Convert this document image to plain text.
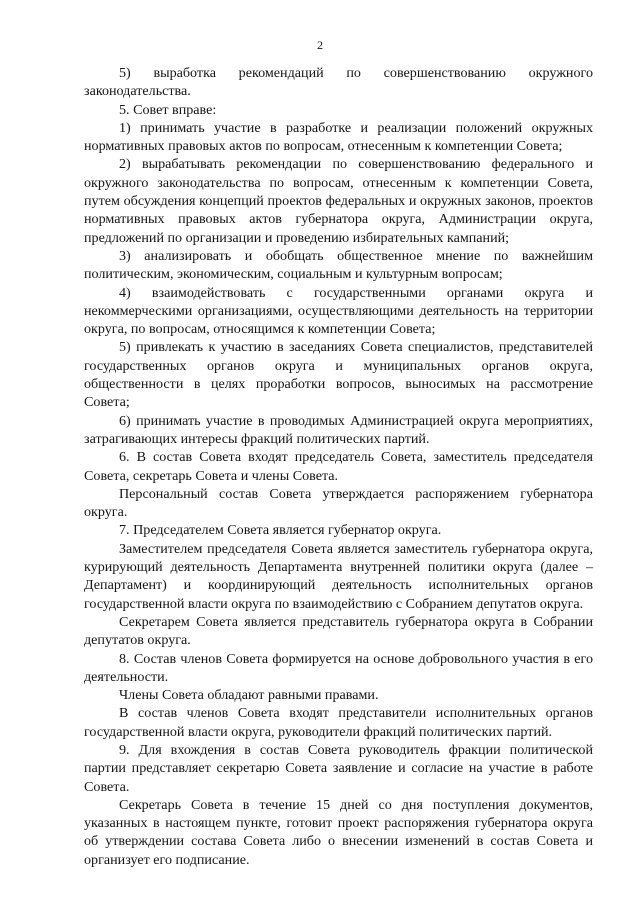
2

5) выработка рекомендаций по совершенствованию окружного законодательства.

5. Совет вправе:

1) принимать участие в разработке и реализации положений окружных нормативных правовых актов по вопросам, отнесенным к компетенции Совета;

2) вырабатывать рекомендации по совершенствованию федерального и окружного законодательства по вопросам, отнесенным к компетенции Совета, путем обсуждения концепций проектов федеральных и окружных законов, проектов нормативных правовых актов губернатора округа, Администрации округа, предложений по организации и проведению избирательных кампаний;

3) анализировать и обобщать общественное мнение по важнейшим политическим, экономическим, социальным и культурным вопросам;

4) взаимодействовать с государственными органами округа и некоммерческими организациями, осуществляющими деятельность на территории округа, по вопросам, относящимся к компетенции Совета;

5) привлекать к участию в заседаниях Совета специалистов, представителей государственных органов округа и муниципальных органов округа, общественности в целях проработки вопросов, выносимых на рассмотрение Совета;

6) принимать участие в проводимых Администрацией округа мероприятиях, затрагивающих интересы фракций политических партий.

6. В состав Совета входят председатель Совета, заместитель председателя Совета, секретарь Совета и члены Совета.

Персональный состав Совета утверждается распоряжением губернатора округа.

7. Председателем Совета является губернатор округа.

Заместителем председателя Совета является заместитель губернатора округа, курирующий деятельность Департамента внутренней политики округа (далее – Департамент) и координирующий деятельность исполнительных органов государственной власти округа по взаимодействию с Собранием депутатов округа.

Секретарем Совета является представитель губернатора округа в Собрании депутатов округа.

8. Состав членов Совета формируется на основе добровольного участия в его деятельности.

Члены Совета обладают равными правами.

В состав членов Совета входят представители исполнительных органов государственной власти округа, руководители фракций политических партий.

9. Для вхождения в состав Совета руководитель фракции политической партии представляет секретарю Совета заявление и согласие на участие в работе Совета.

Секретарь Совета в течение 15 дней со дня поступления документов, указанных в настоящем пункте, готовит проект распоряжения губернатора округа об утверждении состава Совета либо о внесении изменений в состав Совета и организует его подписание.
